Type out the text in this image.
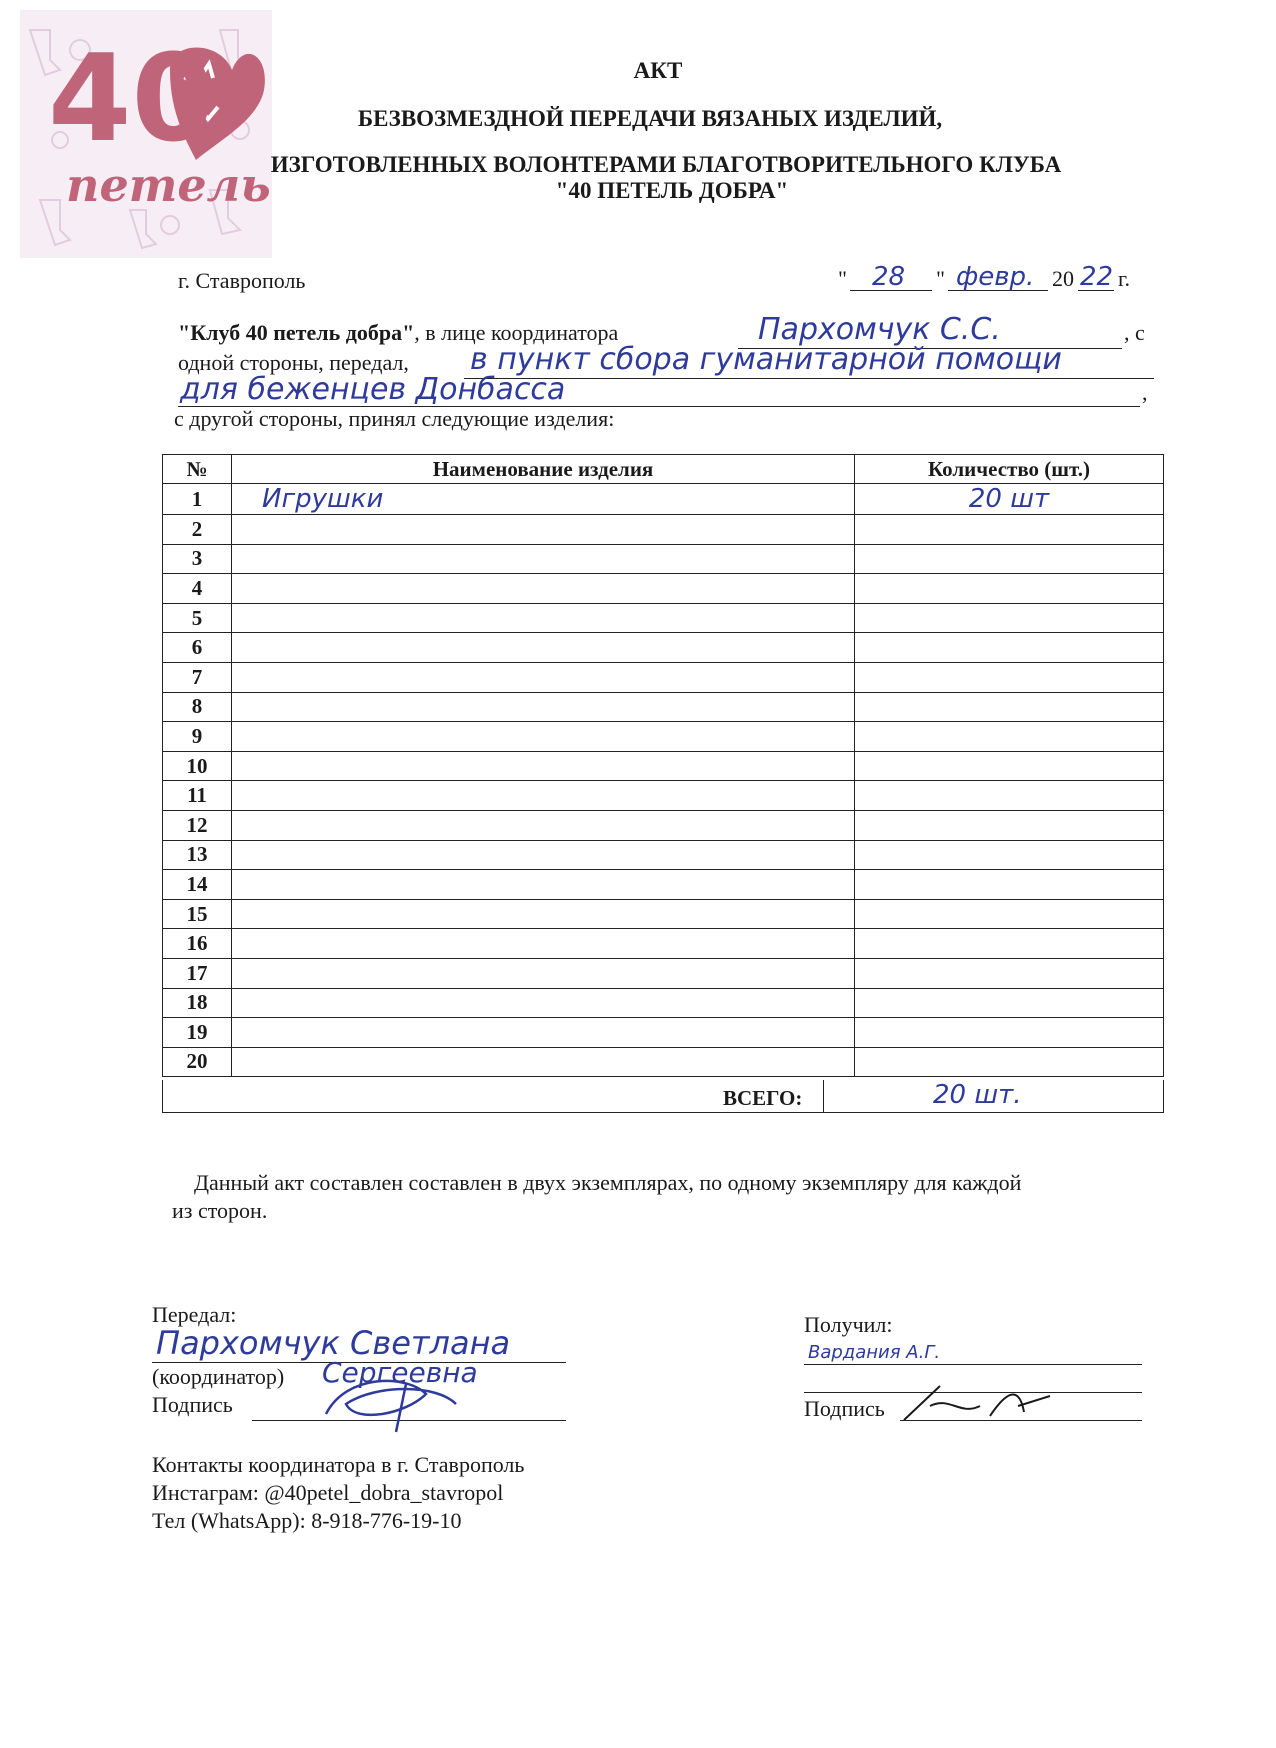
40
петель
АКТ
БЕЗВОЗМЕЗДНОЙ ПЕРЕДАЧИ ВЯЗАНЫХ ИЗДЕЛИЙ,
ИЗГОТОВЛЕННЫХ ВОЛОНТЕРАМИ БЛАГОТВОРИТЕЛЬНОГО КЛУБА
"40 ПЕТЕЛЬ ДОБРА"
г. Ставрополь	" 28 " февр. 20 22 г.
"Клуб 40 петель добра", в лице координатора	Пархомчук С.С.	, с
одной стороны, передал, в пункт сбора гуманитарной помощи
для беженцев Донбасса	,
с другой стороны, принял следующие изделия:
№	Наименование изделия	Количество (шт.)
1	Игрушки	20 шт
2		
3		
4		
5		
6		
7		
8		
9		
10		
11		
12		
13		
14		
15		
16		
17		
18		
19		
20		
ВСЕГО:	20 шт.
Данный акт составлен составлен в двух экземплярах, по одному экземпляру для каждой
из сторон.
Передал:
Пархомчук Светлана
(координатор) Сергеевна
Подпись
Получил:
Вардания А.Г.
Подпись
Контакты координатора в г. Ставрополь
Инстаграм: @40petel_dobra_stavropol
Тел (WhatsApp): 8-918-776-19-10
